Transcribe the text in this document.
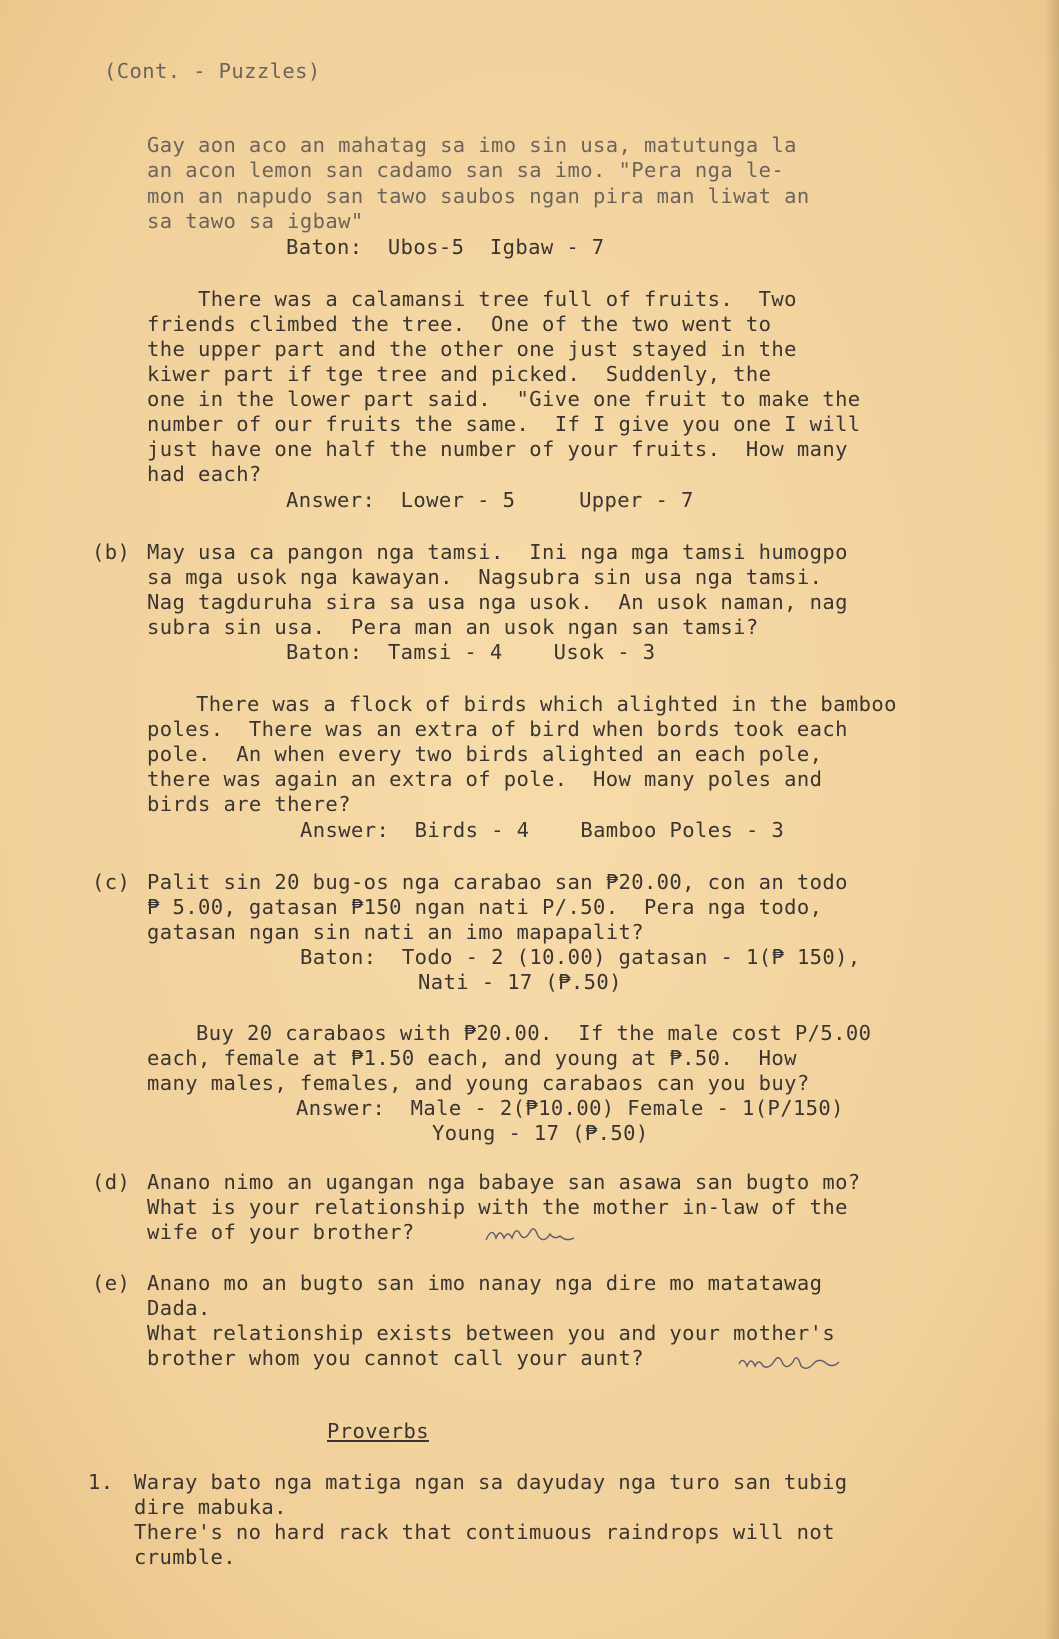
(Cont. - Puzzles)
Gay aon aco an mahatag sa imo sin usa, matutunga la
an acon lemon san cadamo san sa imo. "Pera nga le-
mon an napudo san tawo saubos ngan pira man liwat an
sa tawo sa igbaw"
Baton:  Ubos-5  Igbaw - 7
There was a calamansi tree full of fruits.  Two
friends climbed the tree.  One of the two went to
the upper part and the other one just stayed in the
kiwer part if tge tree and picked.  Suddenly, the
one in the lower part said.  "Give one fruit to make the
number of our fruits the same.  If I give you one I will
just have one half the number of your fruits.  How many
had each?
Answer:  Lower - 5     Upper - 7
(b) May usa ca pangon nga tamsi.  Ini nga mga tamsi humogpo
sa mga usok nga kawayan.  Nagsubra sin usa nga tamsi.
Nag tagduruha sira sa usa nga usok.  An usok naman, nag
subra sin usa.  Pera man an usok ngan san tamsi?
Baton:  Tamsi - 4    Usok - 3
There was a flock of birds which alighted in the bamboo
poles.  There was an extra of bird when bords took each
pole.  An when every two birds alighted an each pole,
there was again an extra of pole.  How many poles and
birds are there?
Answer:  Birds - 4    Bamboo Poles - 3
(c) Palit sin 20 bug-os nga carabao san ₱20.00, con an todo
₱ 5.00, gatasan ₱150 ngan nati P/.50.  Pera nga todo,
gatasan ngan sin nati an imo mapapalit?
Baton:  Todo - 2 (10.00) gatasan - 1(₱ 150),
Nati - 17 (₱.50)
Buy 20 carabaos with ₱20.00.  If the male cost P/5.00
each, female at ₱1.50 each, and young at ₱.50.  How
many males, females, and young carabaos can you buy?
Answer:  Male - 2(₱10.00) Female - 1(P/150)
Young - 17 (₱.50)
(d) Anano nimo an ugangan nga babaye san asawa san bugto mo?
What is your relationship with the mother in-law of the
wife of your brother?
(e) Anano mo an bugto san imo nanay nga dire mo matatawag
Dada.
What relationship exists between you and your mother's
brother whom you cannot call your aunt?
Proverbs
1. Waray bato nga matiga ngan sa dayuday nga turo san tubig
dire mabuka.
There's no hard rack that contimuous raindrops will not
crumble.
